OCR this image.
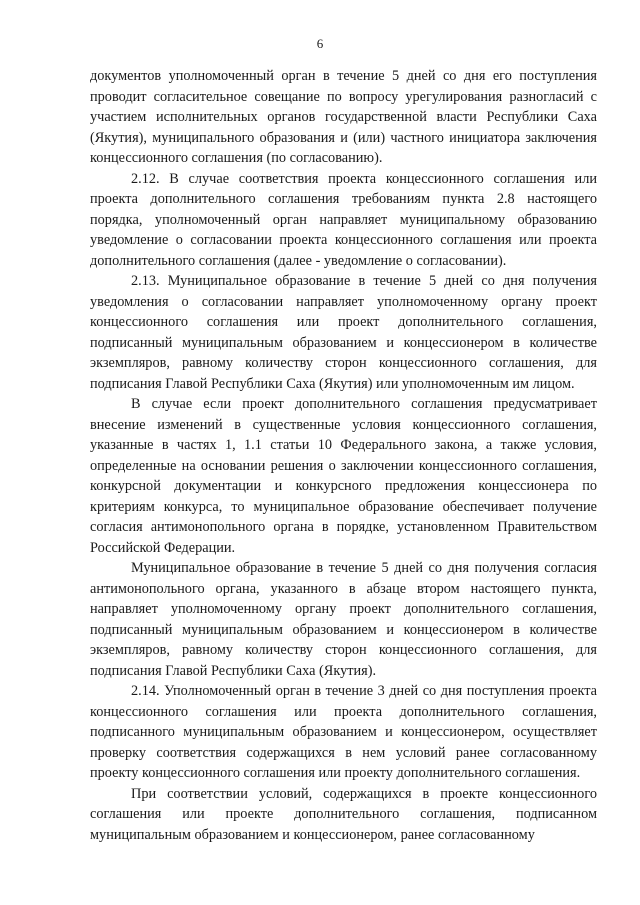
6

документов уполномоченный орган в течение 5 дней со дня его поступления проводит согласительное совещание по вопросу урегулирования разногласий с участием исполнительных органов государственной власти Республики Саха (Якутия), муниципального образования и (или) частного инициатора заключения концессионного соглашения (по согласованию).

2.12. В случае соответствия проекта концессионного соглашения или проекта дополнительного соглашения требованиям пункта 2.8 настоящего порядка, уполномоченный орган направляет муниципальному образованию уведомление о согласовании проекта концессионного соглашения или проекта дополнительного соглашения (далее - уведомление о согласовании).

2.13. Муниципальное образование в течение 5 дней со дня получения уведомления о согласовании направляет уполномоченному органу проект концессионного соглашения или проект дополнительного соглашения, подписанный муниципальным образованием и концессионером в количестве экземпляров, равному количеству сторон концессионного соглашения, для подписания Главой Республики Саха (Якутия) или уполномоченным им лицом.

В случае если проект дополнительного соглашения предусматривает внесение изменений в существенные условия концессионного соглашения, указанные в частях 1, 1.1 статьи 10 Федерального закона, а также условия, определенные на основании решения о заключении концессионного соглашения, конкурсной документации и конкурсного предложения концессионера по критериям конкурса, то муниципальное образование обеспечивает получение согласия антимонопольного органа в порядке, установленном Правительством Российской Федерации.

Муниципальное образование в течение 5 дней со дня получения согласия антимонопольного органа, указанного в абзаце втором настоящего пункта, направляет уполномоченному органу проект дополнительного соглашения, подписанный муниципальным образованием и концессионером в количестве экземпляров, равному количеству сторон концессионного соглашения, для подписания Главой Республики Саха (Якутия).

2.14. Уполномоченный орган в течение 3 дней со дня поступления проекта концессионного соглашения или проекта дополнительного соглашения, подписанного муниципальным образованием и концессионером, осуществляет проверку соответствия содержащихся в нем условий ранее согласованному проекту концессионного соглашения или проекту дополнительного соглашения.

При соответствии условий, содержащихся в проекте концессионного соглашения или проекте дополнительного соглашения, подписанном муниципальным образованием и концессионером, ранее согласованному
